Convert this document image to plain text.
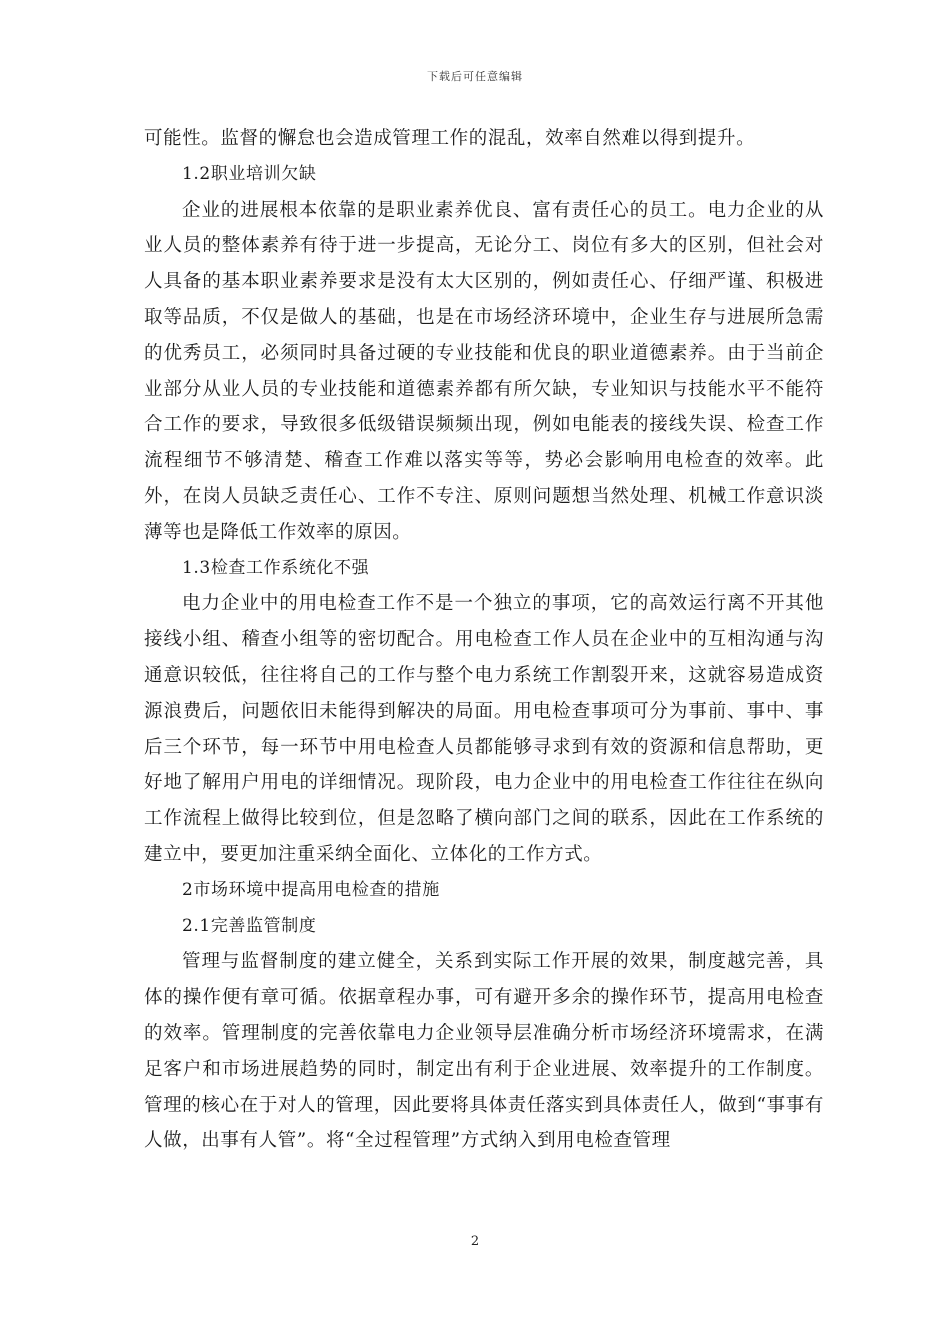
下载后可任意编辑

可能性。监督的懈怠也会造成管理工作的混乱，效率自然难以得到提升。

1.2职业培训欠缺

企业的进展根本依靠的是职业素养优良、富有责任心的员工。电力企业的从业人员的整体素养有待于进一步提高，无论分工、岗位有多大的区别，但社会对人具备的基本职业素养要求是没有太大区别的，例如责任心、仔细严谨、积极进取等品质，不仅是做人的基础，也是在市场经济环境中，企业生存与进展所急需的优秀员工，必须同时具备过硬的专业技能和优良的职业道德素养。由于当前企业部分从业人员的专业技能和道德素养都有所欠缺，专业知识与技能水平不能符合工作的要求，导致很多低级错误频频出现，例如电能表的接线失误、检查工作流程细节不够清楚、稽查工作难以落实等等，势必会影响用电检查的效率。此外，在岗人员缺乏责任心、工作不专注、原则问题想当然处理、机械工作意识淡薄等也是降低工作效率的原因。

1.3检查工作系统化不强

电力企业中的用电检查工作不是一个独立的事项，它的高效运行离不开其他接线小组、稽查小组等的密切配合。用电检查工作人员在企业中的互相沟通与沟通意识较低，往往将自己的工作与整个电力系统工作割裂开来，这就容易造成资源浪费后，问题依旧未能得到解决的局面。用电检查事项可分为事前、事中、事后三个环节，每一环节中用电检查人员都能够寻求到有效的资源和信息帮助，更好地了解用户用电的详细情况。现阶段，电力企业中的用电检查工作往往在纵向工作流程上做得比较到位，但是忽略了横向部门之间的联系，因此在工作系统的建立中，要更加注重采纳全面化、立体化的工作方式。

2市场环境中提高用电检查的措施

2.1完善监管制度

管理与监督制度的建立健全，关系到实际工作开展的效果，制度越完善，具体的操作便有章可循。依据章程办事，可有避开多余的操作环节，提高用电检查的效率。管理制度的完善依靠电力企业领导层准确分析市场经济环境需求，在满足客户和市场进展趋势的同时，制定出有利于企业进展、效率提升的工作制度。管理的核心在于对人的管理，因此要将具体责任落实到具体责任人，做到“事事有人做，出事有人管”。将“全过程管理”方式纳入到用电检查管理

2
